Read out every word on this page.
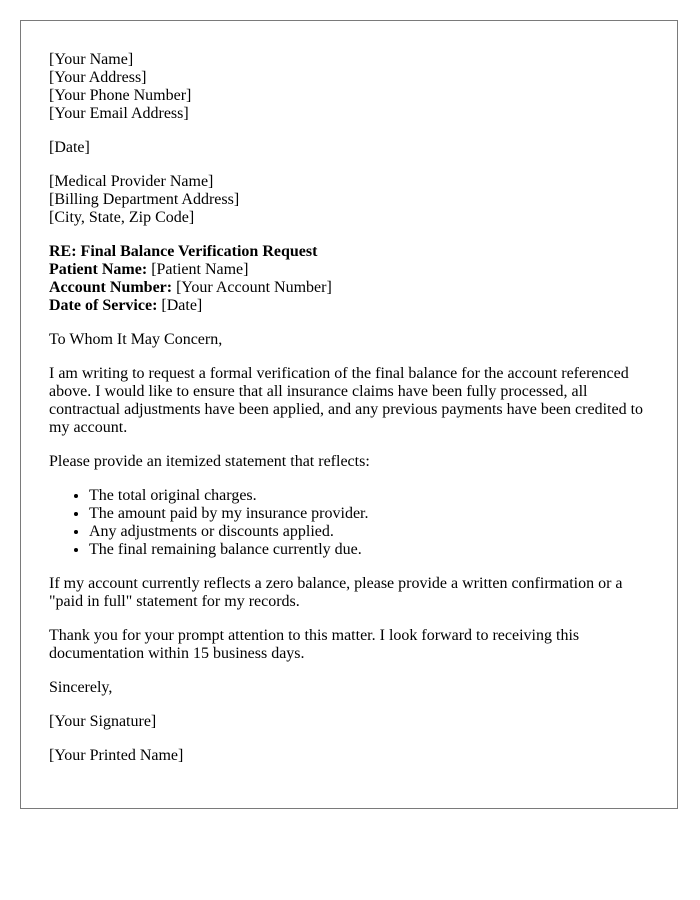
[Your Name]
[Your Address]
[Your Phone Number]
[Your Email Address]
[Date]
[Medical Provider Name]
[Billing Department Address]
[City, State, Zip Code]
RE: Final Balance Verification Request
Patient Name: [Patient Name]
Account Number: [Your Account Number]
Date of Service: [Date]

To Whom It May Concern,

I am writing to request a formal verification of the final balance for the account referenced above. I would like to ensure that all insurance claims have been fully processed, all contractual adjustments have been applied, and any previous payments have been credited to my account.

Please provide an itemized statement that reflects:

• The total original charges.
• The amount paid by my insurance provider.
• Any adjustments or discounts applied.
• The final remaining balance currently due.

If my account currently reflects a zero balance, please provide a written confirmation or a "paid in full" statement for my records.

Thank you for your prompt attention to this matter. I look forward to receiving this documentation within 15 business days.

Sincerely,

[Your Signature]

[Your Printed Name]
